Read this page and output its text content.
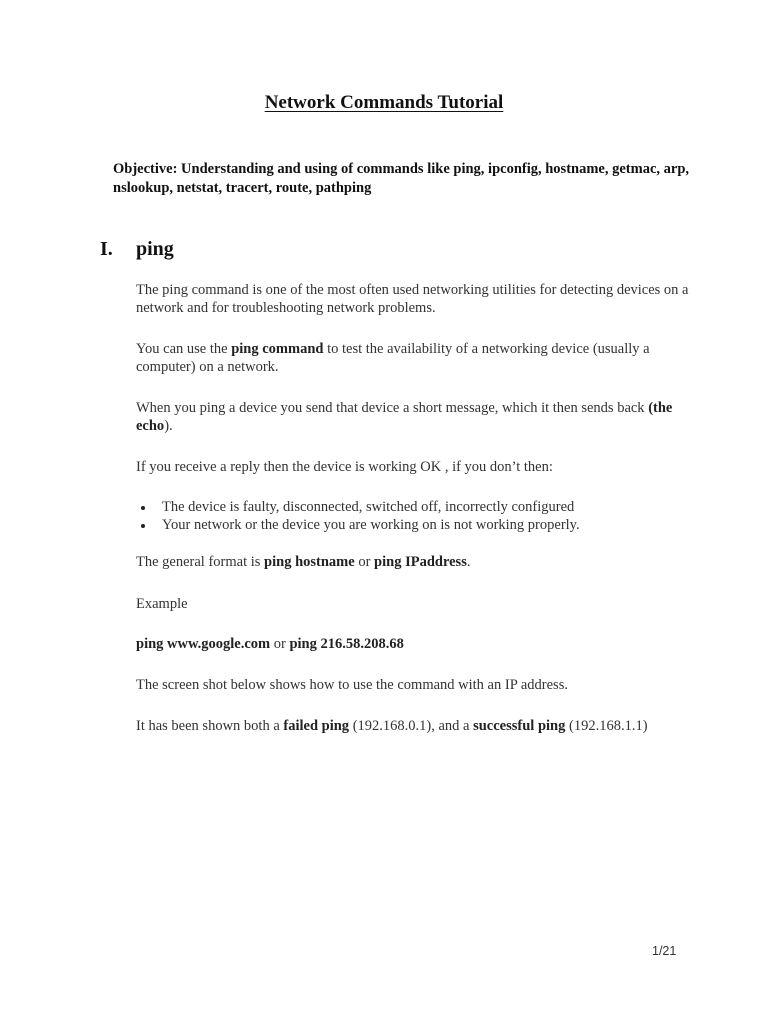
Network Commands Tutorial

Objective: Understanding and using of commands like ping, ipconfig, hostname, getmac, arp, nslookup, netstat, tracert, route, pathping

I. ping

The ping command is one of the most often used networking utilities for detecting devices on a network and for troubleshooting network problems.

You can use the ping command to test the availability of a networking device (usually a computer) on a network.

When you ping a device you send that device a short message, which it then sends back (the echo).

If you receive a reply then the device is working OK , if you don’t then:

The device is faulty, disconnected, switched off, incorrectly configured
Your network or the device you are working on is not working properly.

The general format is ping hostname or ping IPaddress.

Example

ping www.google.com or ping 216.58.208.68

The screen shot below shows how to use the command with an IP address.

It has been shown both a failed ping (192.168.0.1), and a successful ping (192.168.1.1)

1/21
